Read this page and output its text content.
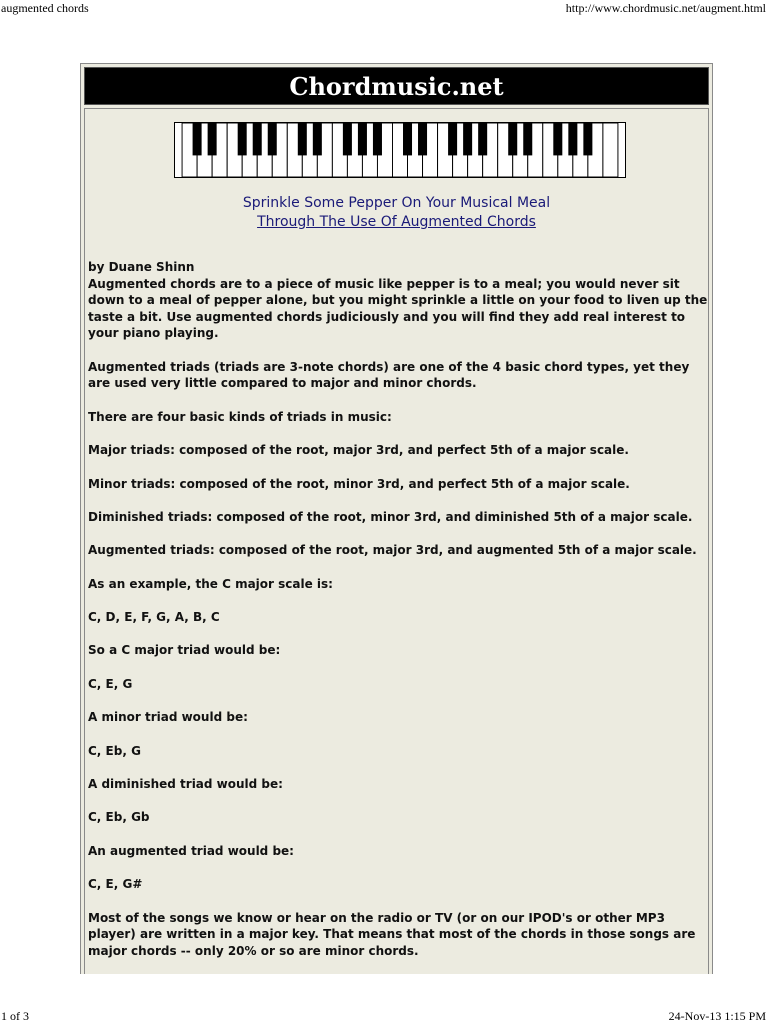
augmented chords	http://www.chordmusic.net/augment.html
Chordmusic.net
Sprinkle Some Pepper On Your Musical Meal
Through The Use Of Augmented Chords

by Duane Shinn

Augmented chords are to a piece of music like pepper is to a meal; you would never sit down to a meal of pepper alone, but you might sprinkle a little on your food to liven up the taste a bit. Use augmented chords judiciously and you will find they add real interest to your piano playing.

Augmented triads (triads are 3-note chords) are one of the 4 basic chord types, yet they are used very little compared to major and minor chords.

There are four basic kinds of triads in music:

Major triads: composed of the root, major 3rd, and perfect 5th of a major scale.

Minor triads: composed of the root, minor 3rd, and perfect 5th of a major scale.

Diminished triads: composed of the root, minor 3rd, and diminished 5th of a major scale.

Augmented triads: composed of the root, major 3rd, and augmented 5th of a major scale.

As an example, the C major scale is:

C, D, E, F, G, A, B, C

So a C major triad would be:

C, E, G

A minor triad would be:

C, Eb, G

A diminished triad would be:

C, Eb, Gb

An augmented triad would be:

C, E, G#

Most of the songs we know or hear on the radio or TV (or on our IPOD's or other MP3 player) are written in a major key. That means that most of the chords in those songs are major chords -- only 20% or so are minor chords.

1 of 3	24-Nov-13 1:15 PM
